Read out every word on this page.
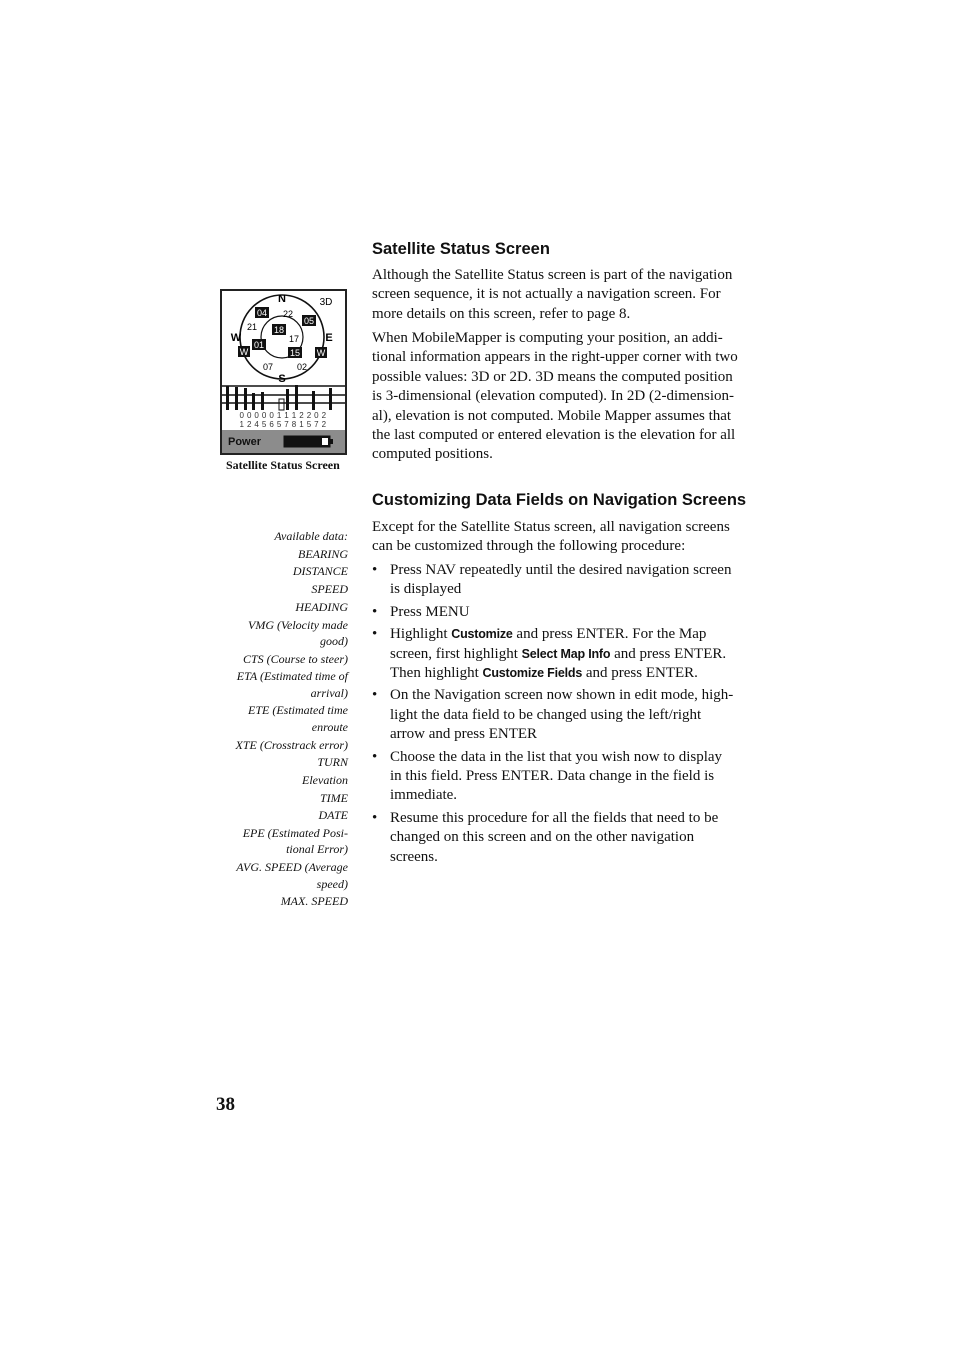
N
S
W	E
3D
04 22
05
21 18
17
01
15
07	02
W	W
0 0 0 0 0 1 1 1 2 2 0 2
1 2 4 5 6 5 7 8 1 5 7 2
Power
Satellite Status Screen
Available data:
BEARING
DISTANCE
SPEED
HEADING
VMG (Velocity made
good)
CTS (Course to steer)
ETA (Estimated time of
arrival)
ETE (Estimated time
enroute
XTE (Crosstrack error)
TURN
Elevation
TIME
DATE
EPE (Estimated Posi-
tional Error)
AVG. SPEED (Average
speed)
MAX. SPEED
Satellite Status Screen

Although the Satellite Status screen is part of the navigation
screen sequence, it is not actually a navigation screen. For
more details on this screen, refer to page 8.

When MobileMapper is computing your position, an addi-
tional information appears in the right-upper corner with two
possible values: 3D or 2D. 3D means the computed position
is 3-dimensional (elevation computed). In 2D (2-dimension-
al), elevation is not computed. Mobile Mapper assumes that
the last computed or entered elevation is the elevation for all
computed positions.

Customizing Data Fields on Navigation Screens

Except for the Satellite Status screen, all navigation screens
can be customized through the following procedure:

• Press NAV repeatedly until the desired navigation screen
is displayed
• Press MENU
• Highlight Customize and press ENTER. For the Map
screen, first highlight Select Map Info and press ENTER.
Then highlight Customize Fields and press ENTER.
• On the Navigation screen now shown in edit mode, high-
light the data field to be changed using the left/right
arrow and press ENTER
• Choose the data in the list that you wish now to display
in this field. Press ENTER. Data change in the field is
immediate.
• Resume this procedure for all the fields that need to be
changed on this screen and on the other navigation
screens.
38
